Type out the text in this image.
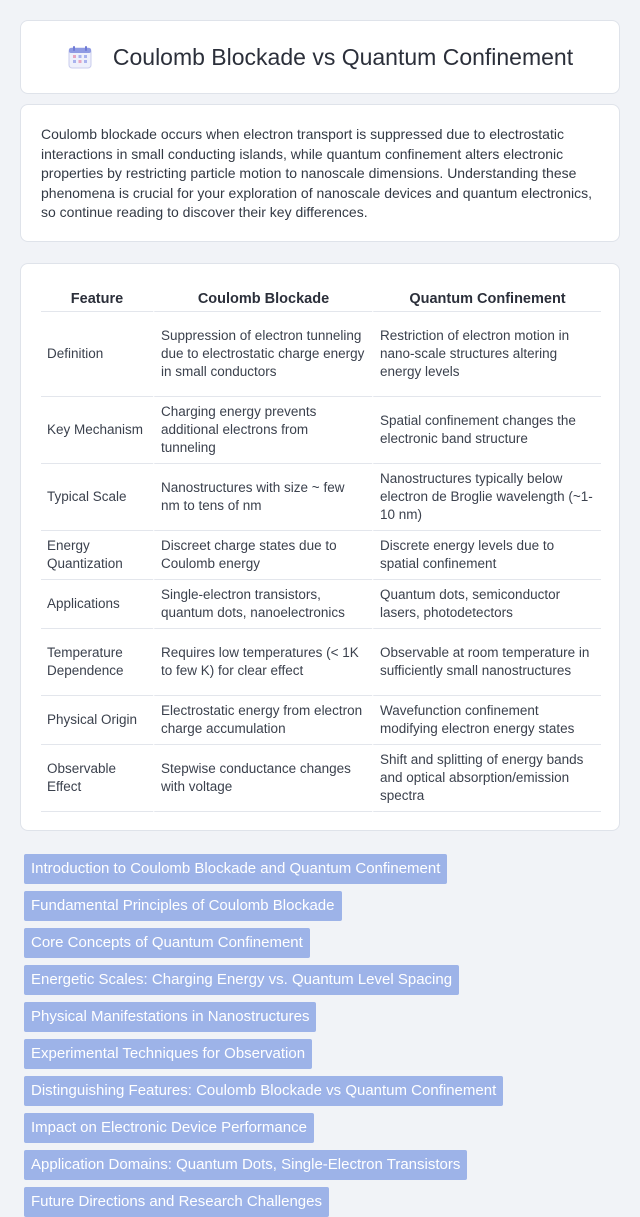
Coulomb Blockade vs Quantum Confinement

Coulomb blockade occurs when electron transport is suppressed due to electrostatic interactions in small conducting islands, while quantum confinement alters electronic properties by restricting particle motion to nanoscale dimensions. Understanding these phenomena is crucial for your exploration of nanoscale devices and quantum electronics, so continue reading to discover their key differences.

Feature	Coulomb Blockade	Quantum Confinement
Definition	Suppression of electron tunneling due to electrostatic charge energy in small conductors	Restriction of electron motion in nano-scale structures altering energy levels
Key Mechanism	Charging energy prevents additional electrons from tunneling	Spatial confinement changes the electronic band structure
Typical Scale	Nanostructures with size ~ few nm to tens of nm	Nanostructures typically below electron de Broglie wavelength (~1-10 nm)
Energy Quantization	Discreet charge states due to Coulomb energy	Discrete energy levels due to spatial confinement
Applications	Single-electron transistors, quantum dots, nanoelectronics	Quantum dots, semiconductor lasers, photodetectors
Temperature Dependence	Requires low temperatures (< 1K to few K) for clear effect	Observable at room temperature in sufficiently small nanostructures
Physical Origin	Electrostatic energy from electron charge accumulation	Wavefunction confinement modifying electron energy states
Observable Effect	Stepwise conductance changes with voltage	Shift and splitting of energy bands and optical absorption/emission spectra
Introduction to Coulomb Blockade and Quantum Confinement
Fundamental Principles of Coulomb Blockade
Core Concepts of Quantum Confinement
Energetic Scales: Charging Energy vs. Quantum Level Spacing
Physical Manifestations in Nanostructures
Experimental Techniques for Observation
Distinguishing Features: Coulomb Blockade vs Quantum Confinement
Impact on Electronic Device Performance
Application Domains: Quantum Dots, Single-Electron Transistors
Future Directions and Research Challenges
